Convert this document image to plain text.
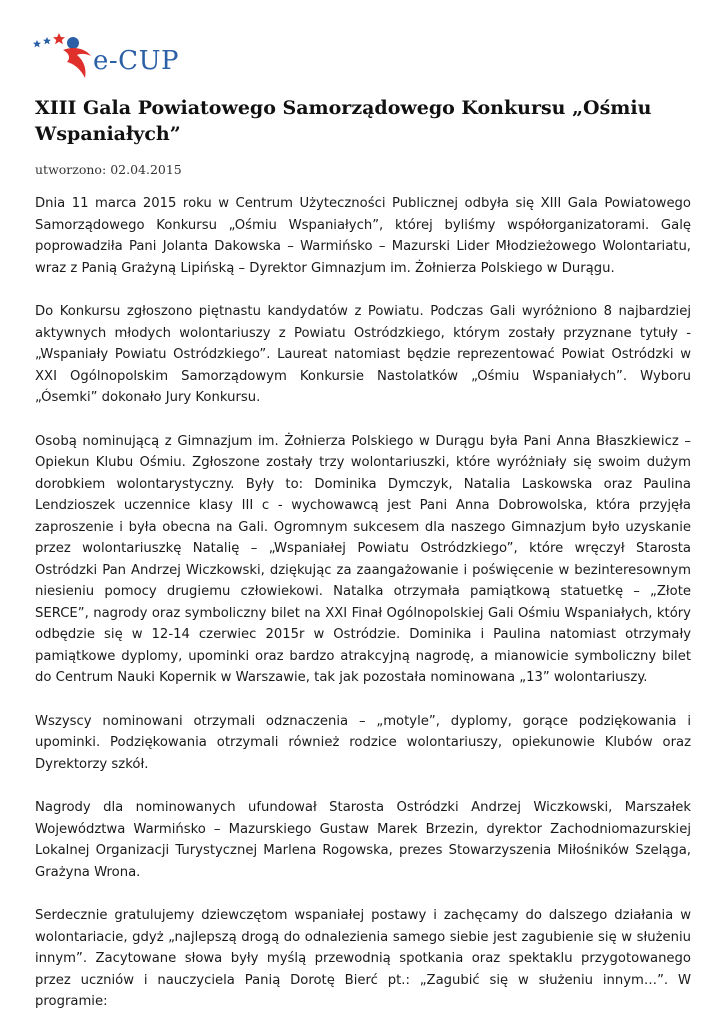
e-CUP
XIII Gala Powiatowego Samorządowego Konkursu „Ośmiu Wspaniałych”
utworzono: 02.04.2015

Dnia 11 marca 2015 roku w Centrum Użyteczności Publicznej odbyła się XIII Gala Powiatowego Samorządowego Konkursu „Ośmiu Wspaniałych”, której byliśmy współorganizatorami. Galę poprowadziła Pani Jolanta Dakowska – Warmińsko – Mazurski Lider Młodzieżowego Wolontariatu, wraz z Panią Grażyną Lipińską – Dyrektor Gimnazjum im. Żołnierza Polskiego w Durągu.

Do Konkursu zgłoszono piętnastu kandydatów z Powiatu. Podczas Gali wyróżniono 8 najbardziej aktywnych młodych wolontariuszy z Powiatu Ostródzkiego, którym zostały przyznane tytuły - „Wspaniały Powiatu Ostródzkiego”. Laureat natomiast będzie reprezentować Powiat Ostródzki w XXI Ogólnopolskim Samorządowym Konkursie Nastolatków „Ośmiu Wspaniałych”. Wyboru „Ósemki” dokonało Jury Konkursu.

Osobą nominującą z Gimnazjum im. Żołnierza Polskiego w Durągu była Pani Anna Błaszkiewicz – Opiekun Klubu Ośmiu. Zgłoszone zostały trzy wolontariuszki, które wyróżniały się swoim dużym dorobkiem wolontarystyczny. Były to: Dominika Dymczyk, Natalia Laskowska oraz Paulina Lendzioszek uczennice klasy III c - wychowawcą jest Pani Anna Dobrowolska, która przyjęła zaproszenie i była obecna na Gali. Ogromnym sukcesem dla naszego Gimnazjum było uzyskanie przez wolontariuszkę Natalię – „Wspaniałej Powiatu Ostródzkiego”, które wręczył Starosta Ostródzki Pan Andrzej Wiczkowski, dziękując za zaangażowanie i poświęcenie w bezinteresownym niesieniu pomocy drugiemu człowiekowi. Natalka otrzymała pamiątkową statuetkę – „Złote SERCE”, nagrody oraz symboliczny bilet na XXI Finał Ogólnopolskiej Gali Ośmiu Wspaniałych, który odbędzie się w 12-14 czerwiec 2015r w Ostródzie. Dominika i Paulina natomiast otrzymały pamiątkowe dyplomy, upominki oraz bardzo atrakcyjną nagrodę, a mianowicie symboliczny bilet do Centrum Nauki Kopernik w Warszawie, tak jak pozostała nominowana „13” wolontariuszy.

Wszyscy nominowani otrzymali odznaczenia – „motyle”, dyplomy, gorące podziękowania i upominki. Podziękowania otrzymali również rodzice wolontariuszy, opiekunowie Klubów oraz Dyrektorzy szkół.

Nagrody dla nominowanych ufundował Starosta Ostródzki Andrzej Wiczkowski, Marszałek Województwa Warmińsko – Mazurskiego Gustaw Marek Brzezin, dyrektor Zachodniomazurskiej Lokalnej Organizacji Turystycznej Marlena Rogowska, prezes Stowarzyszenia Miłośników Szeląga, Grażyna Wrona.

Serdecznie gratulujemy dziewczętom wspaniałej postawy i zachęcamy do dalszego działania w wolontariacie, gdyż „najlepszą drogą do odnalezienia samego siebie jest zagubienie się w służeniu innym”. Zacytowane słowa były myślą przewodnią spotkania oraz spektaklu przygotowanego przez uczniów i nauczyciela Panią Dorotę Bierć pt.: „Zagubić się w służeniu innym…”. W programie:
